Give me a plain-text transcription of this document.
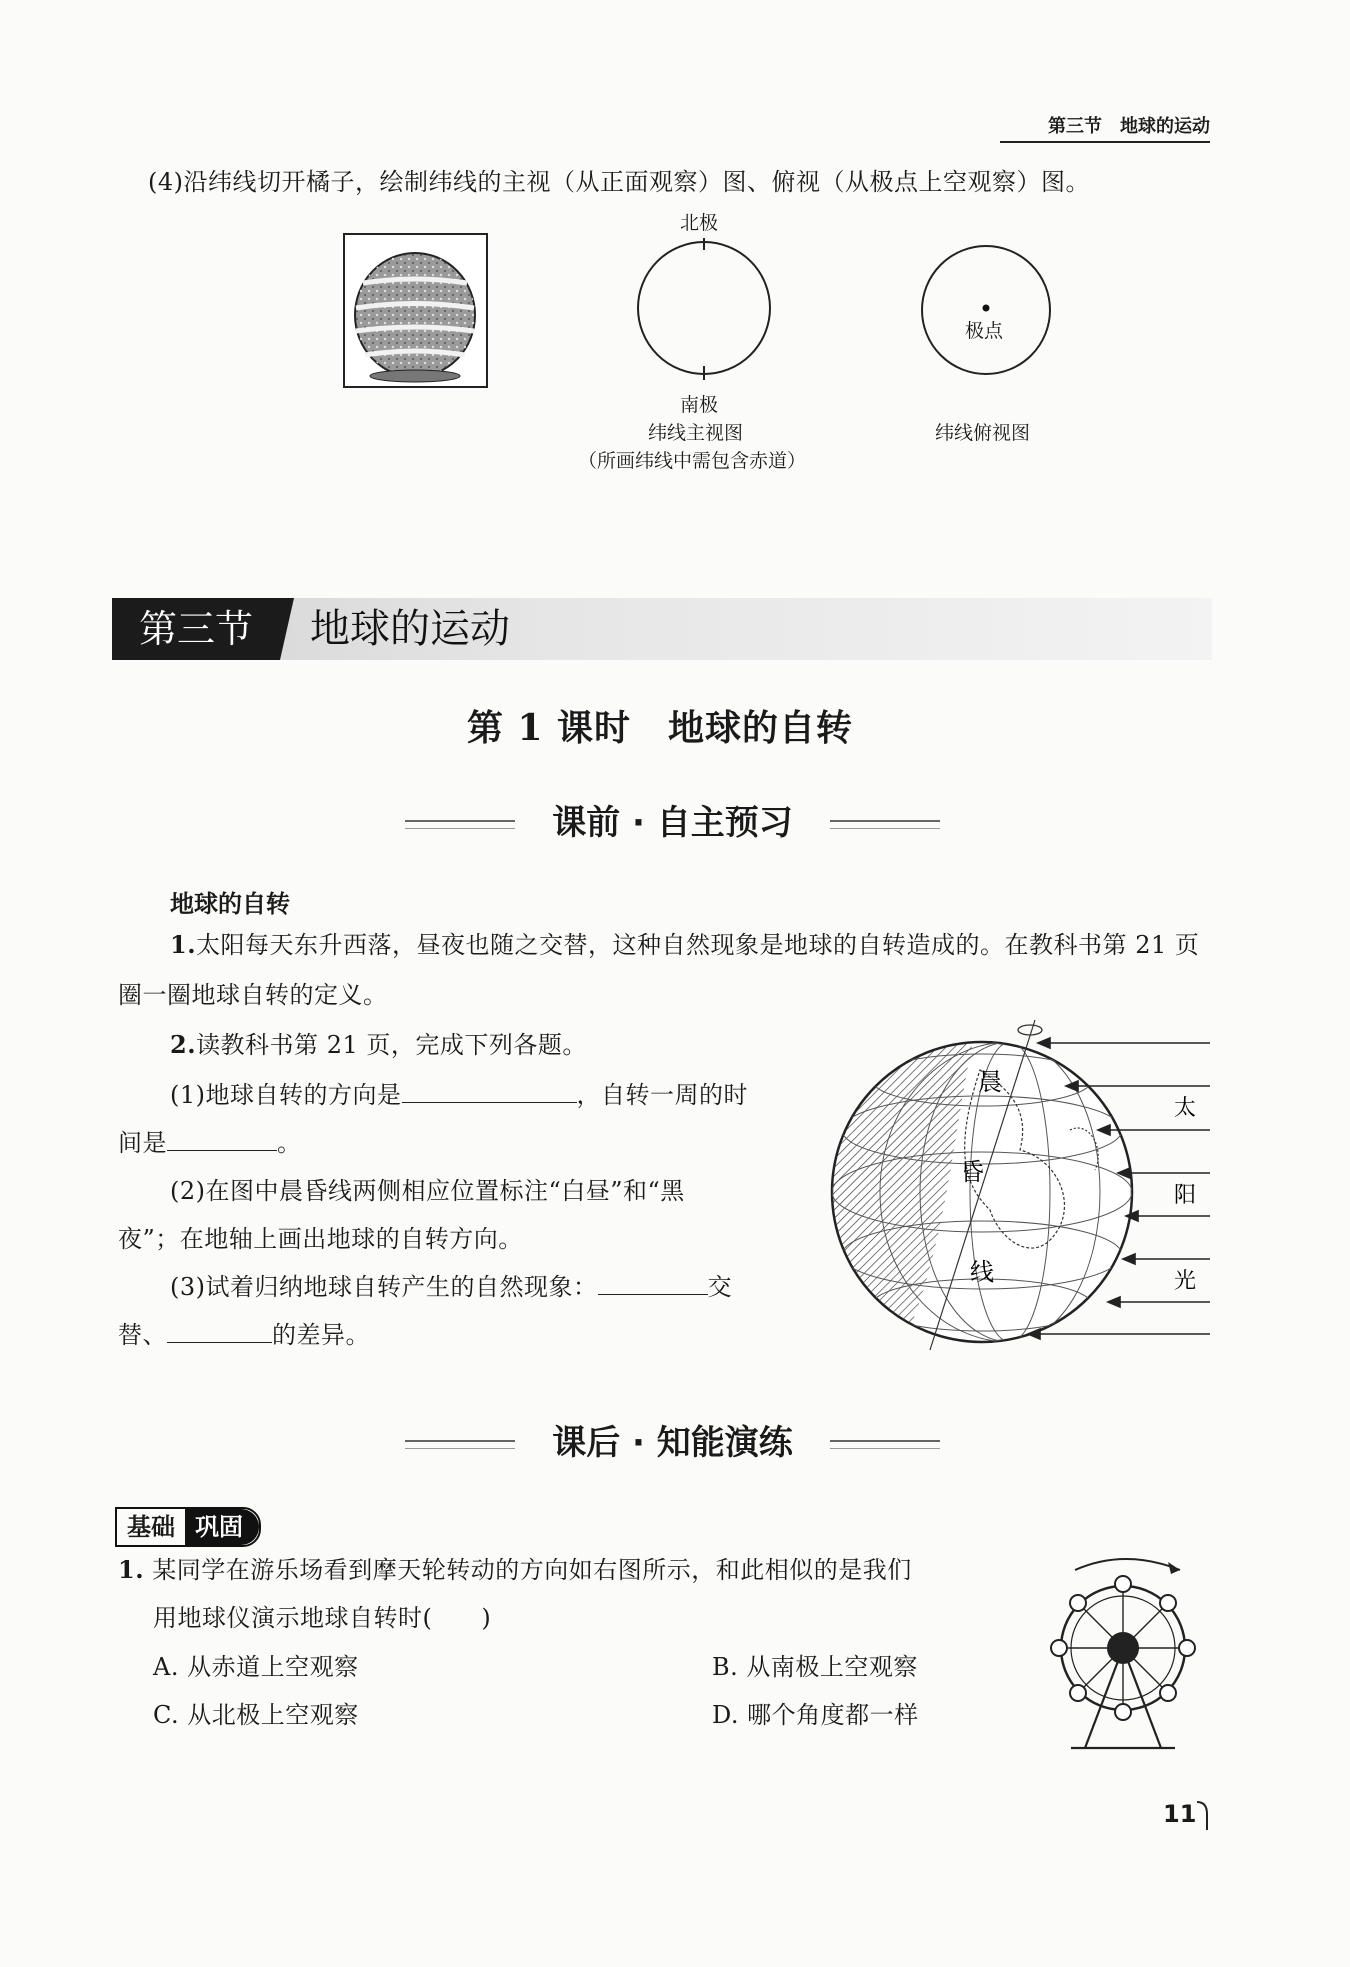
第三节　地球的运动
(4)沿纬线切开橘子，绘制纬线的主视（从正面观察）图、俯视（从极点上空观察）图。
北极
南极
纬线主视图
（所画纬线中需包含赤道）
极点
纬线俯视图
第三节	地球的运动
第 1 课时　地球的自转
课前 · 自主预习
地球的自转
1.太阳每天东升西落，昼夜也随之交替，这种自然现象是地球的自转造成的。在教科书第 21 页圈一圈地球自转的定义。
2.读教科书第 21 页，完成下列各题。
(1)地球自转的方向是	，自转一周的时
间是	。
(2)在图中晨昏线两侧相应位置标注“白昼”和“黑
夜”；在地轴上画出地球的自转方向。
(3)试着归纳地球自转产生的自然现象：	交
替、	的差异。
晨
昏
线
太
阳
光
课后 · 知能演练
基础 巩固
1. 某同学在游乐场看到摩天轮转动的方向如右图所示，和此相似的是我们
用地球仪演示地球自转时(　　)
A. 从赤道上空观察	B. 从南极上空观察
C. 从北极上空观察	D. 哪个角度都一样
11
